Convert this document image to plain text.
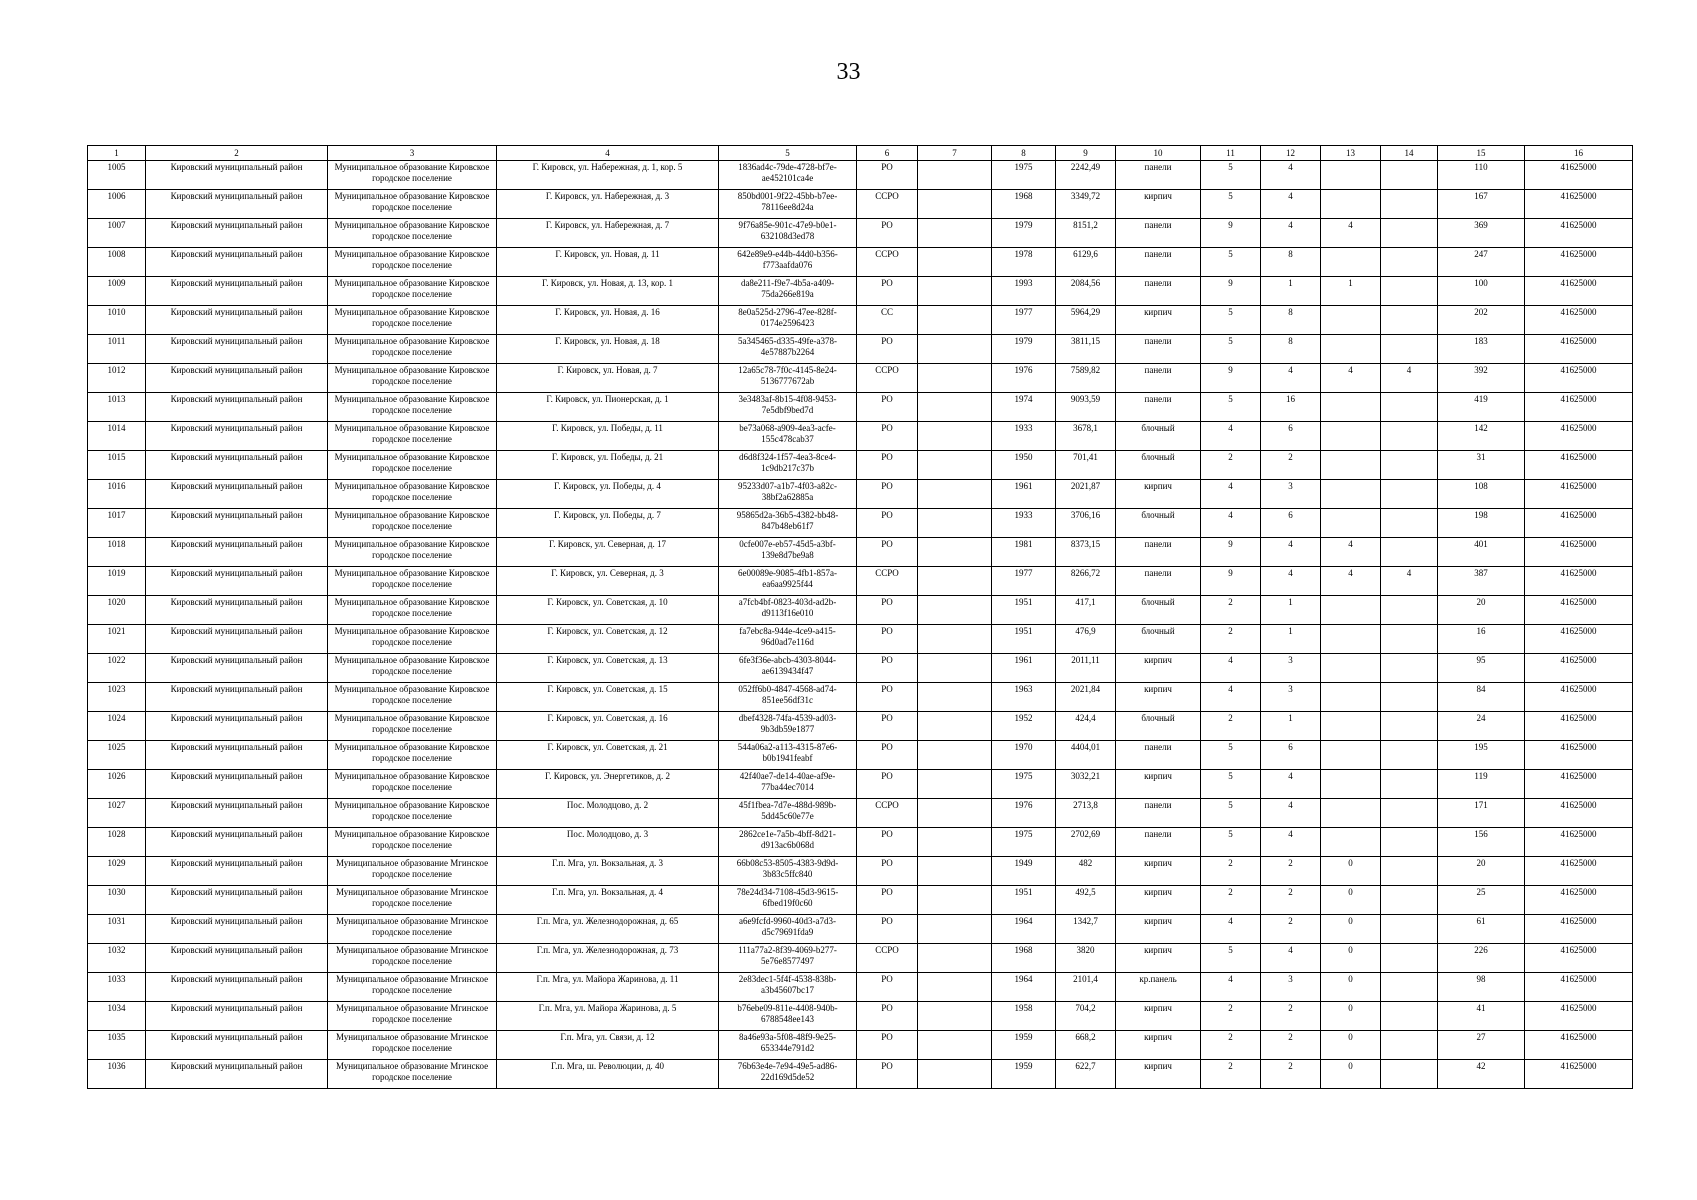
33
1	2	3	4	5	6	7	8	9	10	11	12	13	14	15	16
1005	Кировский муниципальный район	Муниципальное образование Кировское городское поселение	Г. Кировск, ул. Набережная, д. 1, кор. 5	1836ad4c-79de-4728-bf7e-ae452101ca4e	РО		1975	2242,49	панели	5	4			110	41625000
1006	Кировский муниципальный район	Муниципальное образование Кировское городское поселение	Г. Кировск, ул. Набережная, д. 3	850bd001-9f22-45bb-b7ee-78116ee8d24a	ССРО		1968	3349,72	кирпич	5	4			167	41625000
1007	Кировский муниципальный район	Муниципальное образование Кировское городское поселение	Г. Кировск, ул. Набережная, д. 7	9f76a85e-901c-47e9-b0e1-632108d3ed78	РО		1979	8151,2	панели	9	4	4		369	41625000
1008	Кировский муниципальный район	Муниципальное образование Кировское городское поселение	Г. Кировск, ул. Новая, д. 11	642e89e9-e44b-44d0-b356-f773aafda076	ССРО		1978	6129,6	панели	5	8			247	41625000
1009	Кировский муниципальный район	Муниципальное образование Кировское городское поселение	Г. Кировск, ул. Новая, д. 13, кор. 1	da8e211-f9e7-4b5a-a409-75da266e819a	РО		1993	2084,56	панели	9	1	1		100	41625000
1010	Кировский муниципальный район	Муниципальное образование Кировское городское поселение	Г. Кировск, ул. Новая, д. 16	8e0a525d-2796-47ee-828f-0174e2596423	СС		1977	5964,29	кирпич	5	8			202	41625000
1011	Кировский муниципальный район	Муниципальное образование Кировское городское поселение	Г. Кировск, ул. Новая, д. 18	5a345465-d335-49fe-a378-4e57887b2264	РО		1979	3811,15	панели	5	8			183	41625000
1012	Кировский муниципальный район	Муниципальное образование Кировское городское поселение	Г. Кировск, ул. Новая, д. 7	12a65c78-7f0c-4145-8e24-5136777672ab	ССРО		1976	7589,82	панели	9	4	4	4	392	41625000
1013	Кировский муниципальный район	Муниципальное образование Кировское городское поселение	Г. Кировск, ул. Пионерская, д. 1	3e3483af-8b15-4f08-9453-7e5dbf9bed7d	РО		1974	9093,59	панели	5	16			419	41625000
1014	Кировский муниципальный район	Муниципальное образование Кировское городское поселение	Г. Кировск, ул. Победы, д. 11	be73a068-a909-4ea3-acfe-155c478cab37	РО		1933	3678,1	блочный	4	6			142	41625000
1015	Кировский муниципальный район	Муниципальное образование Кировское городское поселение	Г. Кировск, ул. Победы, д. 21	d6d8f324-1f57-4ea3-8ce4-1c9db217c37b	РО		1950	701,41	блочный	2	2			31	41625000
1016	Кировский муниципальный район	Муниципальное образование Кировское городское поселение	Г. Кировск, ул. Победы, д. 4	95233d07-a1b7-4f03-a82c-38bf2a62885a	РО		1961	2021,87	кирпич	4	3			108	41625000
1017	Кировский муниципальный район	Муниципальное образование Кировское городское поселение	Г. Кировск, ул. Победы, д. 7	95865d2a-36b5-4382-bb48-847b48eb61f7	РО		1933	3706,16	блочный	4	6			198	41625000
1018	Кировский муниципальный район	Муниципальное образование Кировское городское поселение	Г. Кировск, ул. Северная, д. 17	0cfe007e-eb57-45d5-a3bf-139e8d7be9a8	РО		1981	8373,15	панели	9	4	4		401	41625000
1019	Кировский муниципальный район	Муниципальное образование Кировское городское поселение	Г. Кировск, ул. Северная, д. 3	6e00089e-9085-4fb1-857a-ea6aa9925f44	ССРО		1977	8266,72	панели	9	4	4	4	387	41625000
1020	Кировский муниципальный район	Муниципальное образование Кировское городское поселение	Г. Кировск, ул. Советская, д. 10	a7fcb4bf-0823-403d-ad2b-d9113f16e010	РО		1951	417,1	блочный	2	1			20	41625000
1021	Кировский муниципальный район	Муниципальное образование Кировское городское поселение	Г. Кировск, ул. Советская, д. 12	fa7ebc8a-944e-4ce9-a415-96d0ad7e116d	РО		1951	476,9	блочный	2	1			16	41625000
1022	Кировский муниципальный район	Муниципальное образование Кировское городское поселение	Г. Кировск, ул. Советская, д. 13	6fe3f36e-abcb-4303-8044-ae6139434f47	РО		1961	2011,11	кирпич	4	3			95	41625000
1023	Кировский муниципальный район	Муниципальное образование Кировское городское поселение	Г. Кировск, ул. Советская, д. 15	052ff6b0-4847-4568-ad74-851ee56df31c	РО		1963	2021,84	кирпич	4	3			84	41625000
1024	Кировский муниципальный район	Муниципальное образование Кировское городское поселение	Г. Кировск, ул. Советская, д. 16	dbef4328-74fa-4539-ad03-9b3db59e1877	РО		1952	424,4	блочный	2	1			24	41625000
1025	Кировский муниципальный район	Муниципальное образование Кировское городское поселение	Г. Кировск, ул. Советская, д. 21	544a06a2-a113-4315-87e6-b0b1941feabf	РО		1970	4404,01	панели	5	6			195	41625000
1026	Кировский муниципальный район	Муниципальное образование Кировское городское поселение	Г. Кировск, ул. Энергетиков, д. 2	42f40ae7-de14-40ae-af9e-77ba44ec7014	РО		1975	3032,21	кирпич	5	4			119	41625000
1027	Кировский муниципальный район	Муниципальное образование Кировское городское поселение	Пос. Молодцово, д. 2	45f1fbea-7d7e-488d-989b-5dd45c60e77e	ССРО		1976	2713,8	панели	5	4			171	41625000
1028	Кировский муниципальный район	Муниципальное образование Кировское городское поселение	Пос. Молодцово, д. 3	2862ce1e-7a5b-4bff-8d21-d913ac6b068d	РО		1975	2702,69	панели	5	4			156	41625000
1029	Кировский муниципальный район	Муниципальное образование Мгинское городское поселение	Г.п. Мга, ул. Вокзальная, д. 3	66b08c53-8505-4383-9d9d-3b83c5ffc840	РО		1949	482	кирпич	2	2	0		20	41625000
1030	Кировский муниципальный район	Муниципальное образование Мгинское городское поселение	Г.п. Мга, ул. Вокзальная, д. 4	78e24d34-7108-45d3-9615-6fbed19f0c60	РО		1951	492,5	кирпич	2	2	0		25	41625000
1031	Кировский муниципальный район	Муниципальное образование Мгинское городское поселение	Г.п. Мга, ул. Железнодорожная, д. 65	a6e9fcfd-9960-40d3-a7d3-d5c79691fda9	РО		1964	1342,7	кирпич	4	2	0		61	41625000
1032	Кировский муниципальный район	Муниципальное образование Мгинское городское поселение	Г.п. Мга, ул. Железнодорожная, д. 73	111a77a2-8f39-4069-b277-5e76e8577497	ССРО		1968	3820	кирпич	5	4	0		226	41625000
1033	Кировский муниципальный район	Муниципальное образование Мгинское городское поселение	Г.п. Мга, ул. Майора Жаринова, д. 11	2e83dec1-5f4f-4538-838b-a3b45607bc17	РО		1964	2101,4	кр.панель	4	3	0		98	41625000
1034	Кировский муниципальный район	Муниципальное образование Мгинское городское поселение	Г.п. Мга, ул. Майора Жаринова, д. 5	b76ebe09-811e-4408-940b-6788548ee143	РО		1958	704,2	кирпич	2	2	0		41	41625000
1035	Кировский муниципальный район	Муниципальное образование Мгинское городское поселение	Г.п. Мга, ул. Связи, д. 12	8a46e93a-5f08-48f9-9e25-653344e791d2	РО		1959	668,2	кирпич	2	2	0		27	41625000
1036	Кировский муниципальный район	Муниципальное образование Мгинское городское поселение	Г.п. Мга, ш. Революции, д. 40	76b63e4e-7e94-49e5-ad86-22d169d5de52	РО		1959	622,7	кирпич	2	2	0		42	41625000
